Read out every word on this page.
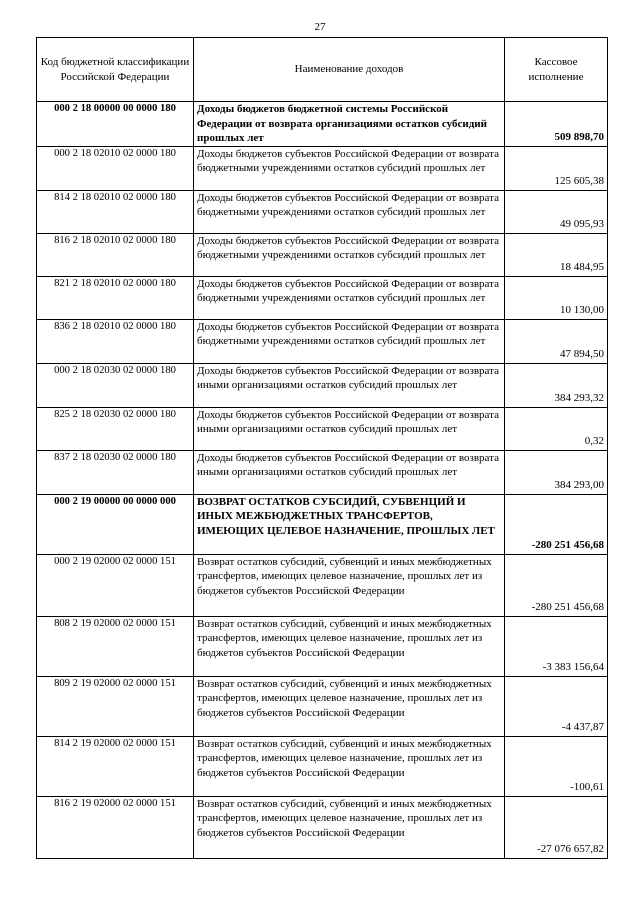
27
Код бюджетной классификации Российской Федерации	Наименование доходов	Кассовое исполнение
000 2 18 00000 00 0000 180	Доходы бюджетов бюджетной системы Российской Федерации от возврата организациями остатков субсидий прошлых лет	509 898,70
000 2 18 02010 02 0000 180	Доходы бюджетов субъектов Российской Федерации от возврата бюджетными учреждениями остатков субсидий прошлых лет	125 605,38
814 2 18 02010 02 0000 180	Доходы бюджетов субъектов Российской Федерации от возврата бюджетными учреждениями остатков субсидий прошлых лет	49 095,93
816 2 18 02010 02 0000 180	Доходы бюджетов субъектов Российской Федерации от возврата бюджетными учреждениями остатков субсидий прошлых лет	18 484,95
821 2 18 02010 02 0000 180	Доходы бюджетов субъектов Российской Федерации от возврата бюджетными учреждениями остатков субсидий прошлых лет	10 130,00
836 2 18 02010 02 0000 180	Доходы бюджетов субъектов Российской Федерации от возврата бюджетными учреждениями остатков субсидий прошлых лет	47 894,50
000 2 18 02030 02 0000 180	Доходы бюджетов субъектов Российской Федерации от возврата иными организациями остатков субсидий прошлых лет	384 293,32
825 2 18 02030 02 0000 180	Доходы бюджетов субъектов Российской Федерации от возврата иными организациями остатков субсидий прошлых лет	0,32
837 2 18 02030 02 0000 180	Доходы бюджетов субъектов Российской Федерации от возврата иными организациями остатков субсидий прошлых лет	384 293,00
000 2 19 00000 00 0000 000	ВОЗВРАТ ОСТАТКОВ СУБСИДИЙ, СУБВЕНЦИЙ И ИНЫХ МЕЖБЮДЖЕТНЫХ ТРАНСФЕРТОВ, ИМЕЮЩИХ ЦЕЛЕВОЕ НАЗНАЧЕНИЕ, ПРОШЛЫХ ЛЕТ	-280 251 456,68
000 2 19 02000 02 0000 151	Возврат остатков субсидий, субвенций и иных межбюджетных трансфертов, имеющих целевое назначение, прошлых лет из бюджетов субъектов Российской Федерации	-280 251 456,68
808 2 19 02000 02 0000 151	Возврат остатков субсидий, субвенций и иных межбюджетных трансфертов, имеющих целевое назначение, прошлых лет из бюджетов субъектов Российской Федерации	-3 383 156,64
809 2 19 02000 02 0000 151	Возврат остатков субсидий, субвенций и иных межбюджетных трансфертов, имеющих целевое назначение, прошлых лет из бюджетов субъектов Российской Федерации	-4 437,87
814 2 19 02000 02 0000 151	Возврат остатков субсидий, субвенций и иных межбюджетных трансфертов, имеющих целевое назначение, прошлых лет из бюджетов субъектов Российской Федерации	-100,61
816 2 19 02000 02 0000 151	Возврат остатков субсидий, субвенций и иных межбюджетных трансфертов, имеющих целевое назначение, прошлых лет из бюджетов субъектов Российской Федерации	-27 076 657,82
